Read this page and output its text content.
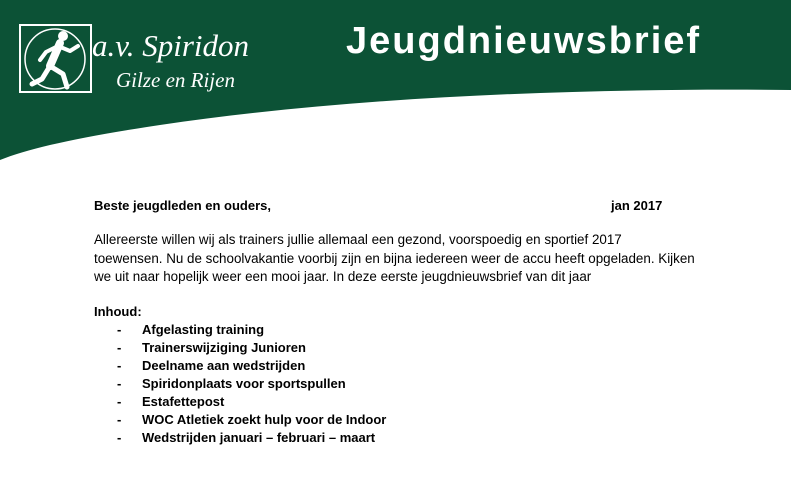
a.v. Spiridon
Gilze en Rijen
Jeugdnieuwsbrief
Beste jeugdleden en ouders,	jan 2017
Allereerste willen wij als trainers jullie allemaal een gezond, voorspoedig en sportief 2017
toewensen. Nu de schoolvakantie voorbij zijn en bijna iedereen weer de accu heeft opgeladen. Kijken
we uit naar hopelijk weer een mooi jaar. In deze eerste jeugdnieuwsbrief van dit jaar
Inhoud:
- Afgelasting training
- Trainerswijziging Junioren
- Deelname aan wedstrijden
- Spiridonplaats voor sportspullen
- Estafettepost
- WOC Atletiek zoekt hulp voor de Indoor
- Wedstrijden januari – februari – maart
